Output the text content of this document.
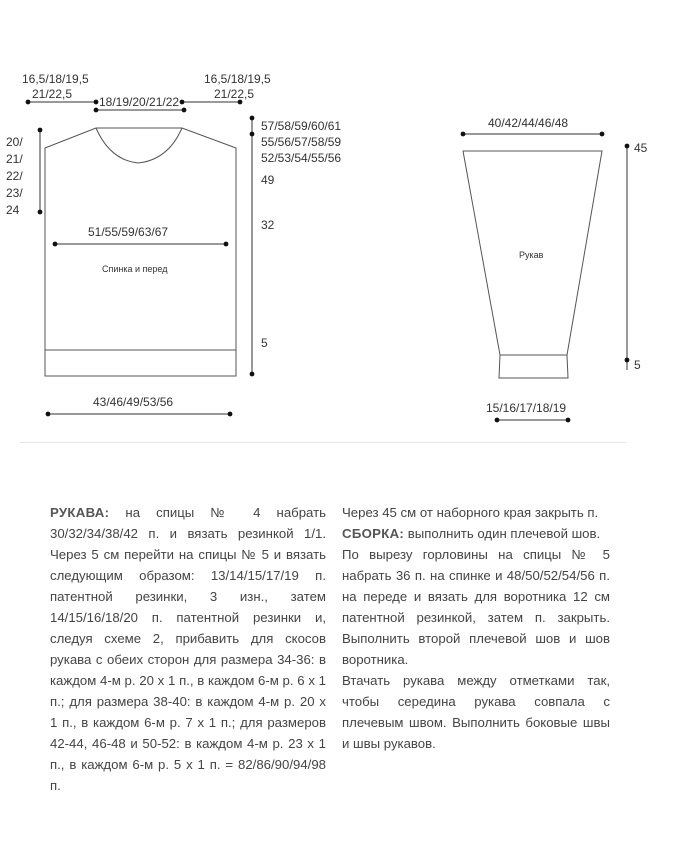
16,5/18/19,5
21/22,5
18/19/20/21/22
16,5/18/19,5
21/22,5
20/
21/
22/
23/
24
57/58/59/60/61
55/56/57/58/59
52/53/54/55/56
49
32
5
51/55/59/63/67
Спинка и перед
43/46/49/53/56
40/42/44/46/48
Рукав
45
5
15/16/17/18/19

РУКАВА: на спицы № 4 набрать 30/32/34/38/42 п. и вязать резинкой 1/1. Через 5 см перейти на спицы № 5 и вязать следующим образом: 13/14/15/17/19 п. патентной резинки, 3 изн., затем 14/15/16/18/20 п. патентной резинки и, следуя схеме 2, прибавить для скосов рукава с обеих сторон для размера 34-36: в каждом 4-м р. 20 х 1 п., в каждом 6-м р. 6 х 1 п.; для размера 38-40: в каждом 4-м р. 20 х 1 п., в каждом 6-м р. 7 х 1 п.; для размеров 42-44, 46-48 и 50-52: в каждом 4-м р. 23 х 1 п., в каждом 6-м р. 5 х 1 п. = 82/86/90/94/98 п.

Через 45 см от наборного края закрыть п.

СБОРКА: выполнить один плечевой шов.

По вырезу горловины на спицы № 5 набрать 36 п. на спинке и 48/50/52/54/56 п. на переде и вязать для воротника 12 см патентной резинкой, затем п. закрыть. Выполнить второй плечевой шов и шов воротника.

Втачать рукава между отметками так, чтобы середина рукава совпала с плечевым швом. Выполнить боковые швы и швы рукавов.
